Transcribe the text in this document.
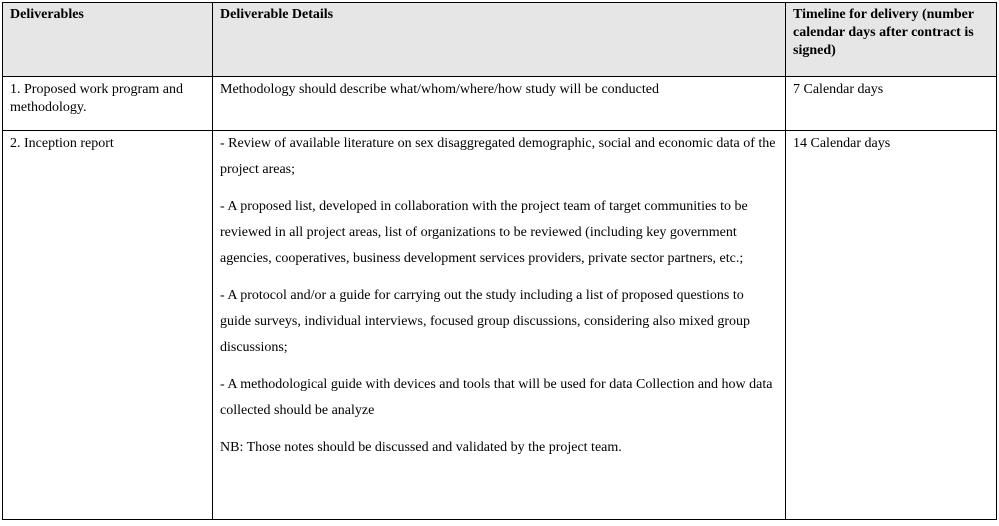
Deliverables	Deliverable Details	Timeline for delivery (number calendar days after contract is signed)
1. Proposed work program and methodology.	Methodology should describe what/whom/where/how study will be conducted	7 Calendar days
2. Inception report	- Review of available literature on sex disaggregated demographic, social and economic data of the project areas;

- A proposed list, developed in collaboration with the project team of target communities to be reviewed in all project areas, list of organizations to be reviewed (including key government agencies, cooperatives, business development services providers, private sector partners, etc.;

- A protocol and/or a guide for carrying out the study including a list of proposed questions to guide surveys, individual interviews, focused group discussions, considering also mixed group discussions;

- A methodological guide with devices and tools that will be used for data Collection and how data collected should be analyze

NB: Those notes should be discussed and validated by the project team.	14 Calendar days
